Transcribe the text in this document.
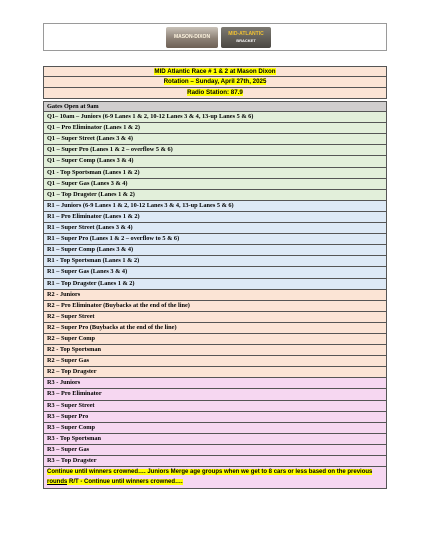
MASON-DIXON	MID-ATLANTIC
BRACKET
MID Atlantic Race # 1 & 2 at Mason Dixon
Rotation – Sunday, April 27th, 2025
Radio Station: 87.9
Gates Open at 9am
Q1– 10am – Juniors (6-9 Lanes 1 & 2, 10-12 Lanes 3 & 4, 13-up Lanes 5 & 6)
Q1 – Pro Eliminator (Lanes 1 & 2)
Q1 – Super Street (Lanes 3 & 4)
Q1 – Super Pro (Lanes 1 & 2 – overflow 5 & 6)
Q1 – Super Comp (Lanes 3 & 4)
Q1 - Top Sportsman (Lanes 1 & 2)
Q1 – Super Gas (Lanes 3 & 4)
Q1 – Top Dragster (Lanes 1 & 2)
R1 – Juniors (6-9 Lanes 1 & 2, 10-12 Lanes 3 & 4, 13-up Lanes 5 & 6)
R1 – Pro Eliminator (Lanes 1 & 2)
R1 – Super Street (Lanes 3 & 4)
R1 – Super Pro (Lanes 1 & 2 – overflow to 5 & 6)
R1 – Super Comp (Lanes 3 & 4)
R1 - Top Sportsman (Lanes 1 & 2)
R1 – Super Gas (Lanes 3 & 4)
R1 – Top Dragster (Lanes 1 & 2)
R2 - Juniors
R2 – Pro Eliminator (Buybacks at the end of the line)
R2 – Super Street
R2 – Super Pro (Buybacks at the end of the line)
R2 – Super Comp
R2 - Top Sportsman
R2 – Super Gas
R2 – Top Dragster
R3 - Juniors
R3 – Pro Eliminator
R3 – Super Street
R3 – Super Pro
R3 – Super Comp
R3 - Top Sportsman
R3 – Super Gas
R3 – Top Dragster
Continue until winners crowned…. Juniors Merge age groups when we get to 8 cars or less based on the previous rounds R/T - Continue until winners crowned….
